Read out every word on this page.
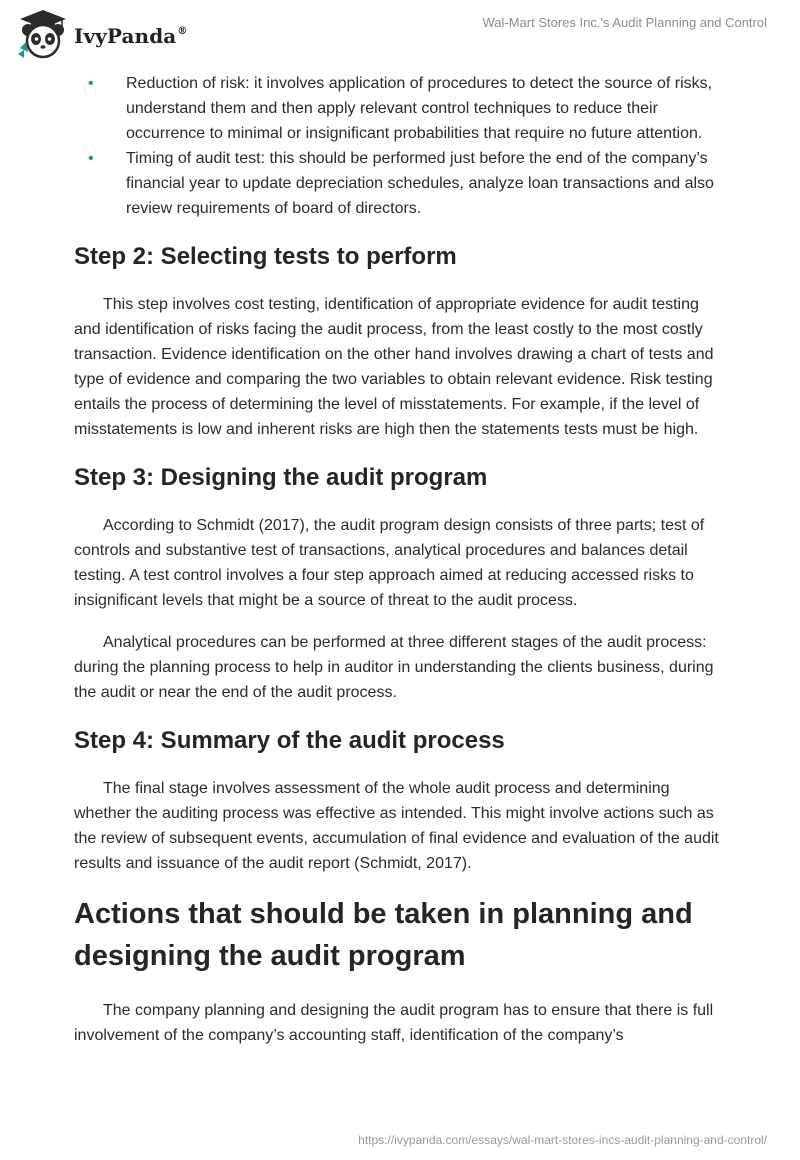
IvyPanda®
Wal-Mart Stores Inc.'s Audit Planning and Control
• Reduction of risk: it involves application of procedures to detect the source of risks, understand them and then apply relevant control techniques to reduce their occurrence to minimal or insignificant probabilities that require no future attention.
• Timing of audit test: this should be performed just before the end of the company’s financial year to update depreciation schedules, analyze loan transactions and also review requirements of board of directors.
Step 2: Selecting tests to perform

This step involves cost testing, identification of appropriate evidence for audit testing and identification of risks facing the audit process, from the least costly to the most costly transaction. Evidence identification on the other hand involves drawing a chart of tests and type of evidence and comparing the two variables to obtain relevant evidence. Risk testing entails the process of determining the level of misstatements. For example, if the level of misstatements is low and inherent risks are high then the statements tests must be high.

Step 3: Designing the audit program

According to Schmidt (2017), the audit program design consists of three parts; test of controls and substantive test of transactions, analytical procedures and balances detail testing. A test control involves a four step approach aimed at reducing accessed risks to insignificant levels that might be a source of threat to the audit process.

Analytical procedures can be performed at three different stages of the audit process: during the planning process to help in auditor in understanding the clients business, during the audit or near the end of the audit process.

Step 4: Summary of the audit process

The final stage involves assessment of the whole audit process and determining whether the auditing process was effective as intended. This might involve actions such as the review of subsequent events, accumulation of final evidence and evaluation of the audit results and issuance of the audit report (Schmidt, 2017).

Actions that should be taken in planning and designing the audit program

The company planning and designing the audit program has to ensure that there is full involvement of the company’s accounting staff, identification of the company’s

https://ivypanda.com/essays/wal-mart-stores-incs-audit-planning-and-control/
